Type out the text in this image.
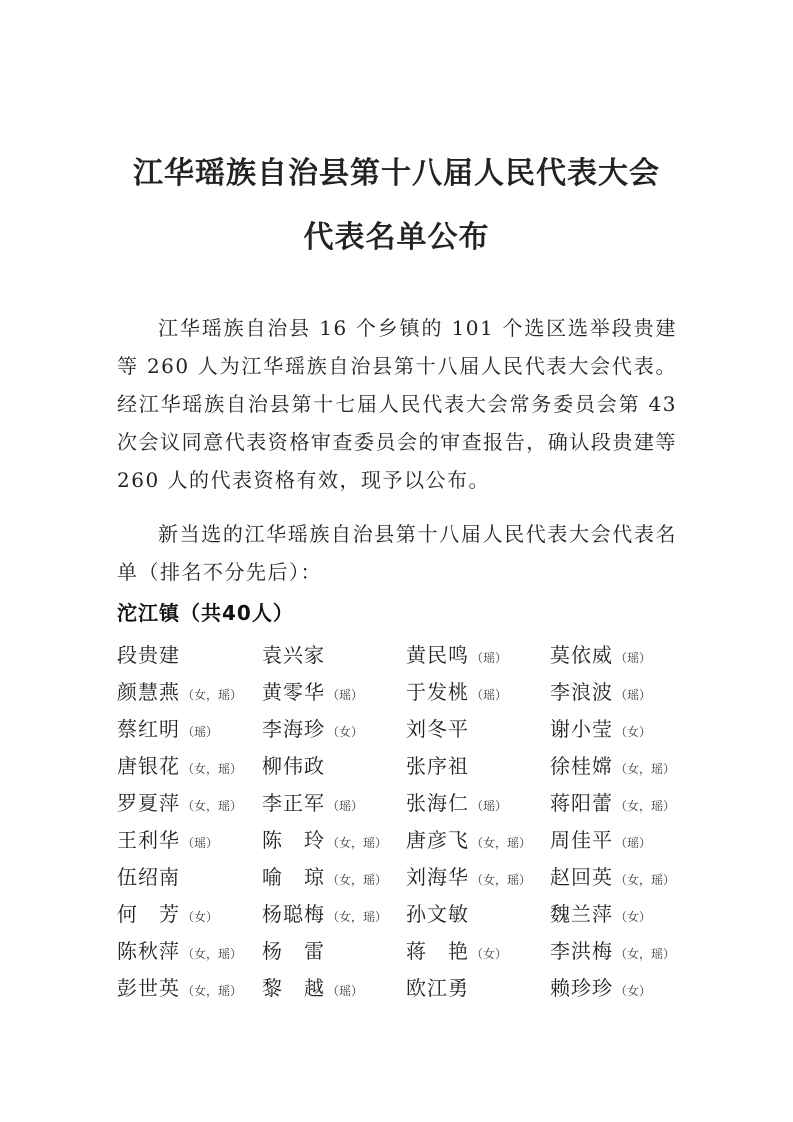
江华瑶族自治县第十八届人民代表大会
代表名单公布
江华瑶族自治县 16 个乡镇的 101 个选区选举段贵建等 260 人为江华瑶族自治县第十八届人民代表大会代表。经江华瑶族自治县第十七届人民代表大会常务委员会第 43 次会议同意代表资格审查委员会的审查报告，确认段贵建等 260 人的代表资格有效，现予以公布。
新当选的江华瑶族自治县第十八届人民代表大会代表名单（排名不分先后）：
沱江镇（共40人）
段贵建	袁兴家	黄民鸣 （瑶） 莫依威 （瑶）
颜慧燕 （女，瑶） 黄零华 （瑶） 于发桃 （瑶） 李浪波 （瑶）
蔡红明 （瑶） 李海珍 （女） 刘冬平	谢小莹 （女）
唐银花 （女，瑶） 柳伟政	张序祖	徐桂嫦 （女，瑶）
罗夏萍 （女，瑶） 李正军 （瑶） 张海仁 （瑶） 蒋阳蕾 （女，瑶）
王利华 （瑶） 陈　玲 （女，瑶） 唐彦飞 （女，瑶） 周佳平 （瑶）
伍绍南	喻　琼 （女，瑶） 刘海华 （女，瑶） 赵回英 （女，瑶）
何　芳 （女） 杨聪梅 （女，瑶） 孙文敏	魏兰萍 （女）
陈秋萍 （女，瑶） 杨　雷	蒋　艳 （女） 李洪梅 （女，瑶）
彭世英 （女，瑶） 黎　越 （瑶） 欧江勇	赖珍珍 （女）
